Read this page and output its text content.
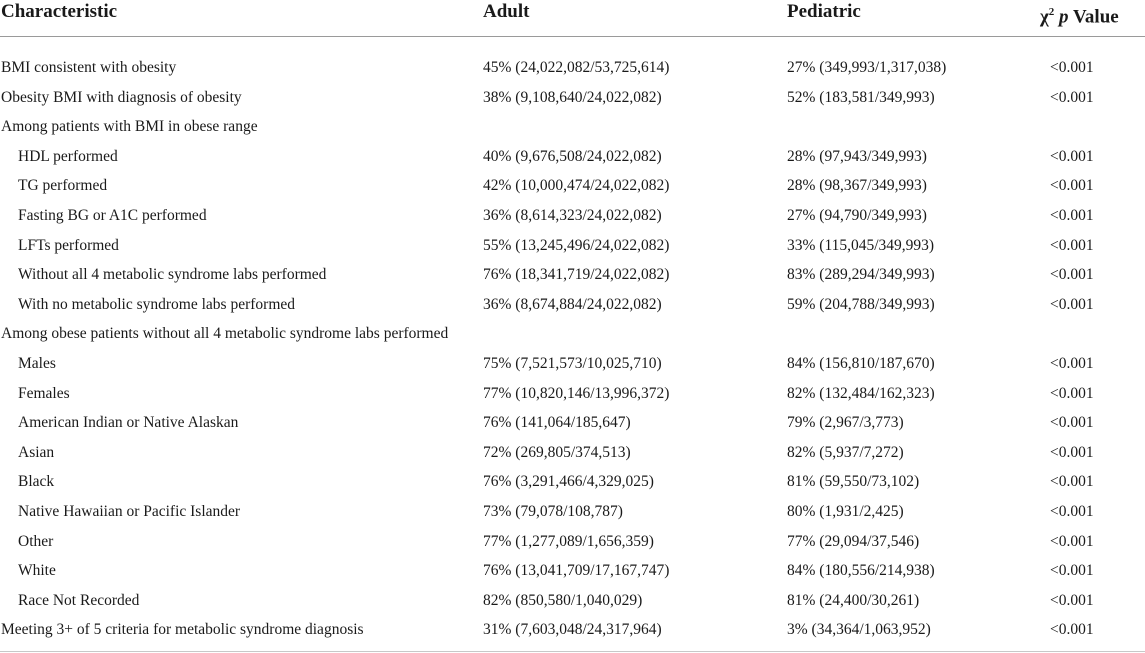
Characteristic	Adult	Pediatric	$\chi^2$ p Value
BMI consistent with obesity	45% (24,022,082/53,725,614)	27% (349,993/1,317,038)	<0.001
Obesity BMI with diagnosis of obesity	38% (9,108,640/24,022,082)	52% (183,581/349,993)	<0.001
Among patients with BMI in obese range
HDL performed	40% (9,676,508/24,022,082)	28% (97,943/349,993)	<0.001
TG performed	42% (10,000,474/24,022,082)	28% (98,367/349,993)	<0.001
Fasting BG or A1C performed	36% (8,614,323/24,022,082)	27% (94,790/349,993)	<0.001
LFTs performed	55% (13,245,496/24,022,082)	33% (115,045/349,993)	<0.001
Without all 4 metabolic syndrome labs performed	76% (18,341,719/24,022,082)	83% (289,294/349,993)	<0.001
With no metabolic syndrome labs performed	36% (8,674,884/24,022,082)	59% (204,788/349,993)	<0.001
Among obese patients without all 4 metabolic syndrome labs performed
Males	75% (7,521,573/10,025,710)	84% (156,810/187,670)	<0.001
Females	77% (10,820,146/13,996,372)	82% (132,484/162,323)	<0.001
American Indian or Native Alaskan	76% (141,064/185,647)	79% (2,967/3,773)	<0.001
Asian	72% (269,805/374,513)	82% (5,937/7,272)	<0.001
Black	76% (3,291,466/4,329,025)	81% (59,550/73,102)	<0.001
Native Hawaiian or Pacific Islander	73% (79,078/108,787)	80% (1,931/2,425)	<0.001
Other	77% (1,277,089/1,656,359)	77% (29,094/37,546)	<0.001
White	76% (13,041,709/17,167,747)	84% (180,556/214,938)	<0.001
Race Not Recorded	82% (850,580/1,040,029)	81% (24,400/30,261)	<0.001
Meeting 3+ of 5 criteria for metabolic syndrome diagnosis	31% (7,603,048/24,317,964)	3% (34,364/1,063,952)	<0.001
